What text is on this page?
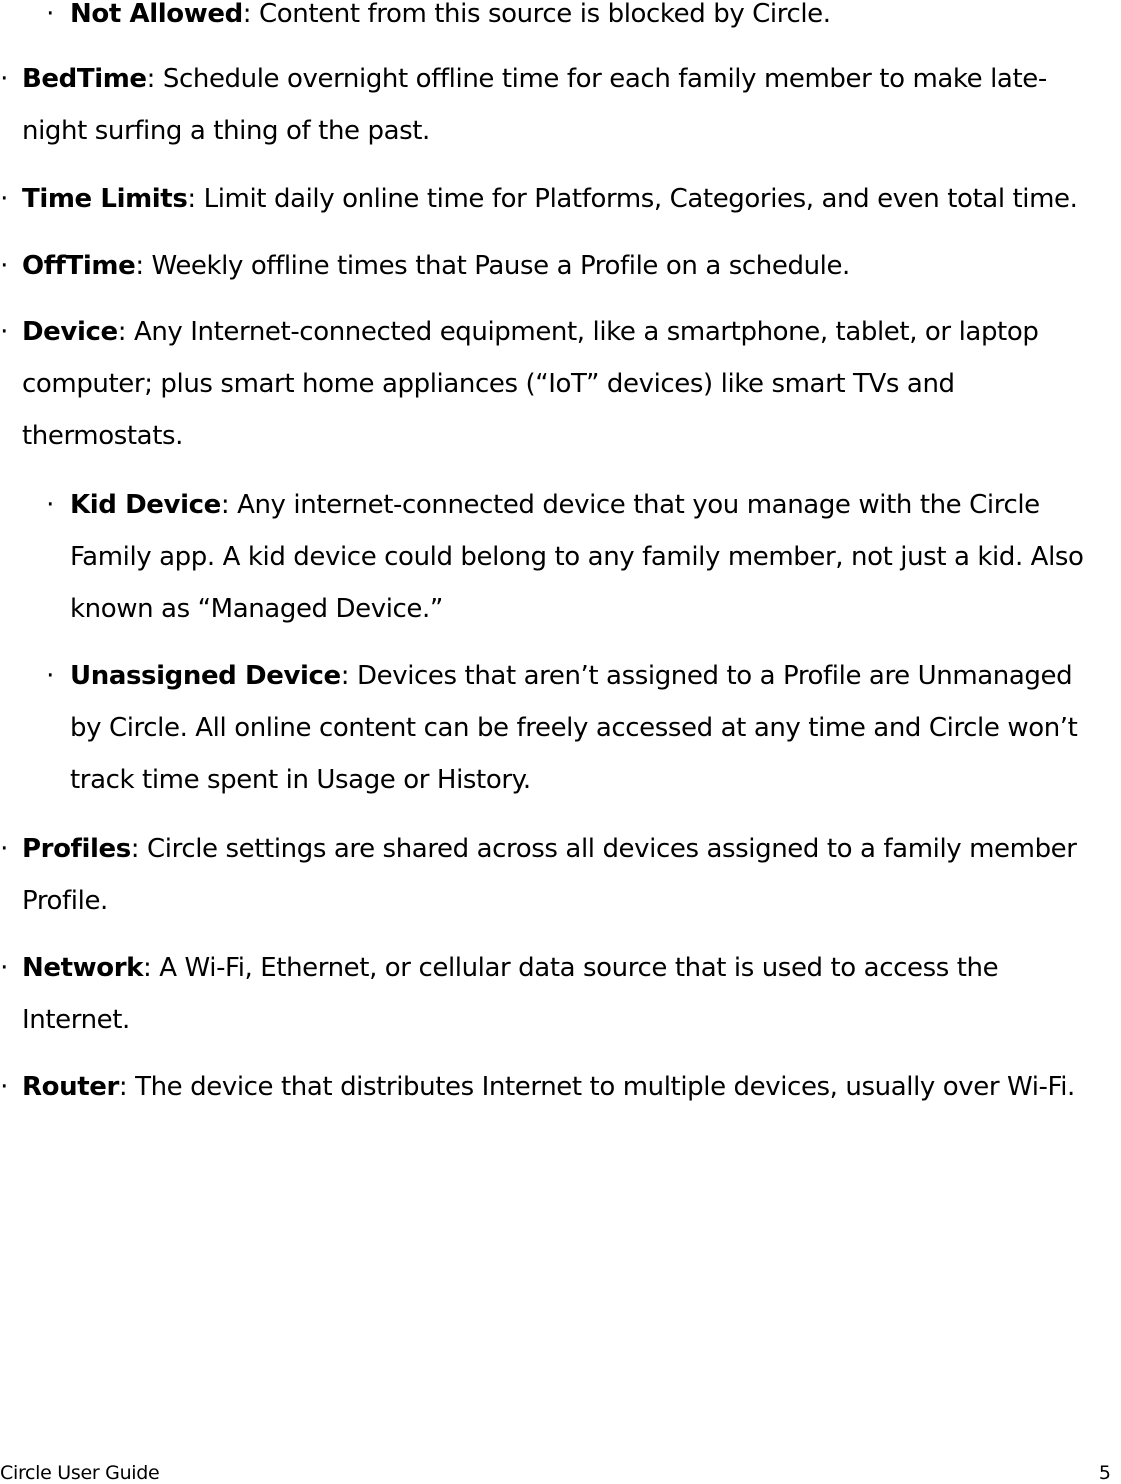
· Not Allowed: Content from this source is blocked by Circle.
· BedTime: Schedule overnight offline time for each family member to make late-
night surfing a thing of the past.
· Time Limits: Limit daily online time for Platforms, Categories, and even total time.
· OffTime: Weekly offline times that Pause a Profile on a schedule.
· Device: Any Internet-connected equipment, like a smartphone, tablet, or laptop
computer; plus smart home appliances (“IoT” devices) like smart TVs and
thermostats.
· Kid Device: Any internet-connected device that you manage with the Circle
Family app. A kid device could belong to any family member, not just a kid. Also
known as “Managed Device.”
· Unassigned Device: Devices that aren’t assigned to a Profile are Unmanaged
by Circle. All online content can be freely accessed at any time and Circle won’t
track time spent in Usage or History.
· Profiles: Circle settings are shared across all devices assigned to a family member
Profile.
· Network: A Wi-Fi, Ethernet, or cellular data source that is used to access the
Internet.
· Router: The device that distributes Internet to multiple devices, usually over Wi-Fi.
Circle User Guide	5
